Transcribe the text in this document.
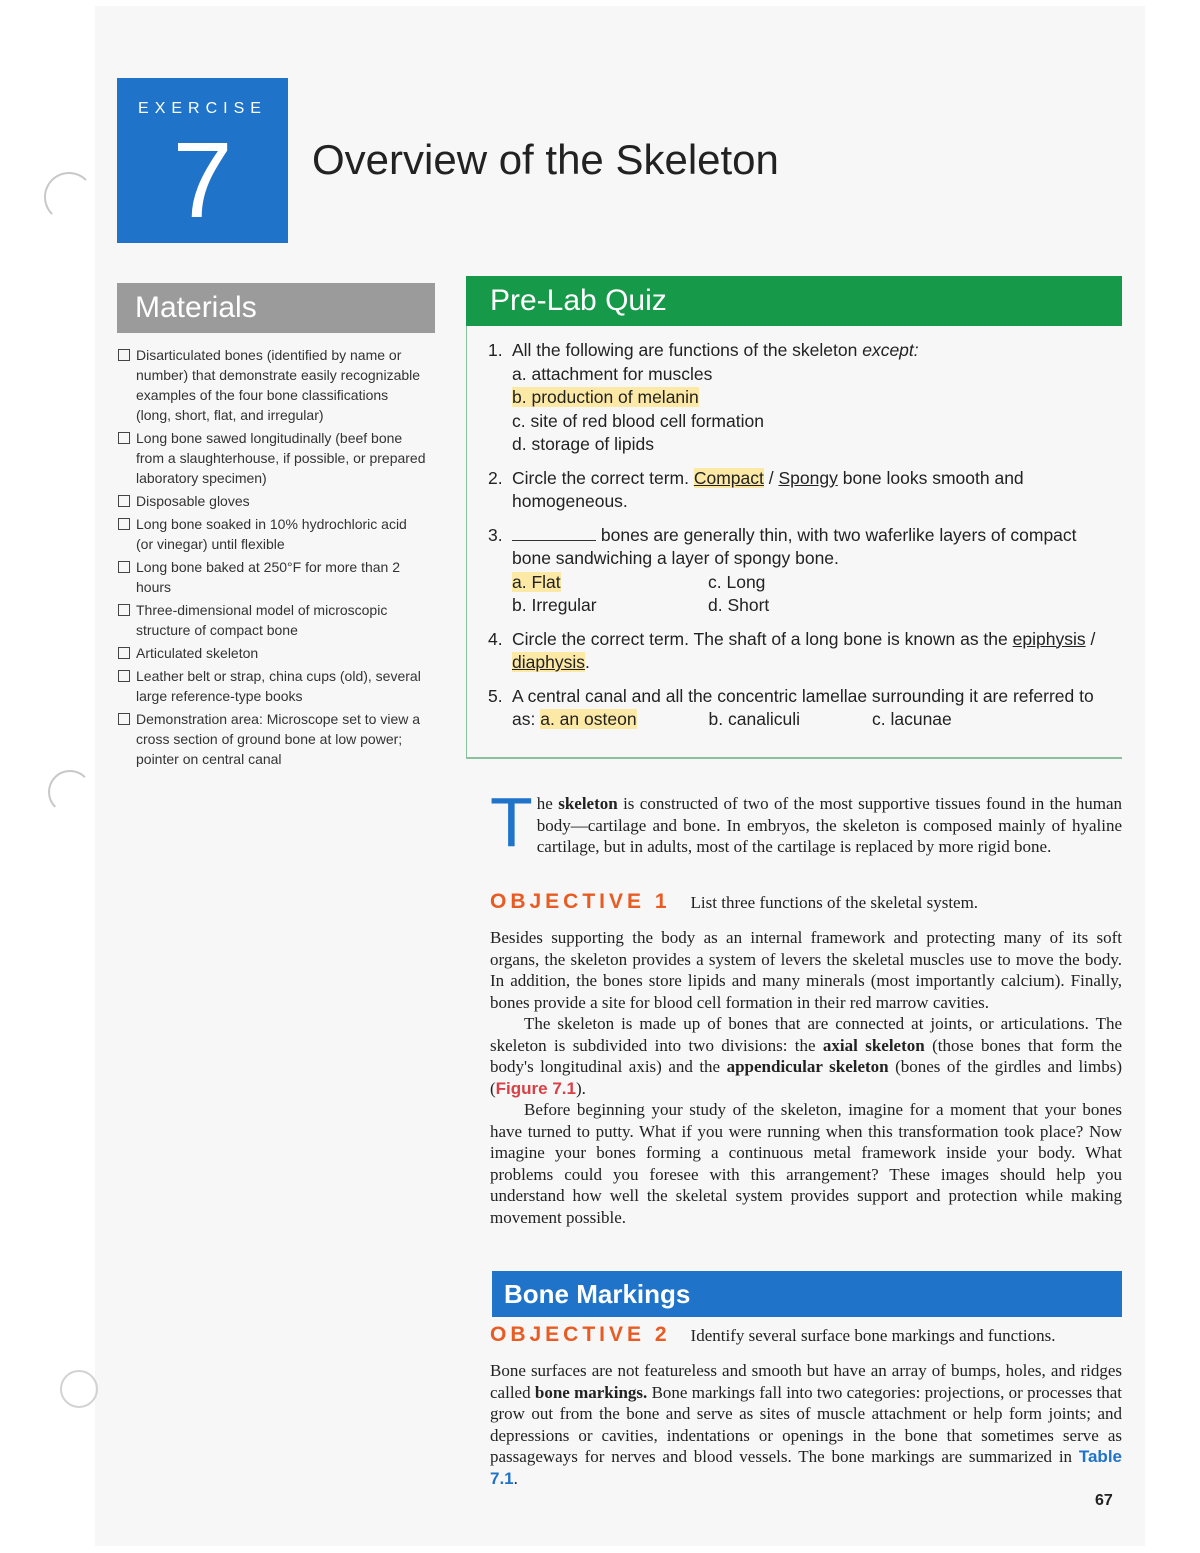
EXERCISE
7	Overview of the Skeleton
Materials
Disarticulated bones (identified by name or number) that demonstrate easily recognizable examples of the four bone classifications (long, short, flat, and irregular)
Long bone sawed longitudinally (beef bone from a slaughterhouse, if possible, or prepared laboratory specimen)
Disposable gloves
Long bone soaked in 10% hydrochloric acid (or vinegar) until flexible
Long bone baked at 250°F for more than 2 hours
Three-dimensional model of microscopic structure of compact bone
Articulated skeleton
Leather belt or strap, china cups (old), several large reference-type books
Demonstration area: Microscope set to view a cross section of ground bone at low power; pointer on central canal
Pre-Lab Quiz
1. All the following are functions of the skeleton except:
a. attachment for muscles
b. production of melanin
c. site of red blood cell formation
d. storage of lipids
2. Circle the correct term. Compact / Spongy bone looks smooth and homogeneous.
3.	bones are generally thin, with two waferlike layers of compact bone sandwiching a layer of spongy bone.
a. Flat	c. Long
b. Irregular	d. Short
4. Circle the correct term. The shaft of a long bone is known as the epiphysis / diaphysis.
5. A central canal and all the concentric lamellae surrounding it are referred to as: a. an osteon	b. canaliculi	c. lacunae
The skeleton is constructed of two of the most supportive tissues found in the human body—cartilage and bone. In embryos, the skeleton is composed mainly of hyaline cartilage, but in adults, most of the cartilage is replaced by more rigid bone.
OBJECTIVE 1 List three functions of the skeletal system.

Besides supporting the body as an internal framework and protecting many of its soft organs, the skeleton provides a system of levers the skeletal muscles use to move the body. In addition, the bones store lipids and many minerals (most importantly calcium). Finally, bones provide a site for blood cell formation in their red marrow cavities.

The skeleton is made up of bones that are connected at joints, or articulations. The skeleton is subdivided into two divisions: the axial skeleton (those bones that form the body's longitudinal axis) and the appendicular skeleton (bones of the girdles and limbs) (Figure 7.1).

Before beginning your study of the skeleton, imagine for a moment that your bones have turned to putty. What if you were running when this transformation took place? Now imagine your bones forming a continuous metal framework inside your body. What problems could you foresee with this arrangement? These images should help you understand how well the skeletal system provides support and protection while making movement possible.

Bone Markings
OBJECTIVE 2 Identify several surface bone markings and functions.
Bone surfaces are not featureless and smooth but have an array of bumps, holes, and ridges called bone markings. Bone markings fall into two categories: projections, or processes that grow out from the bone and serve as sites of muscle attachment or help form joints; and depressions or cavities, indentations or openings in the bone that sometimes serve as passageways for nerves and blood vessels. The bone markings are summarized in Table 7.1.
67
